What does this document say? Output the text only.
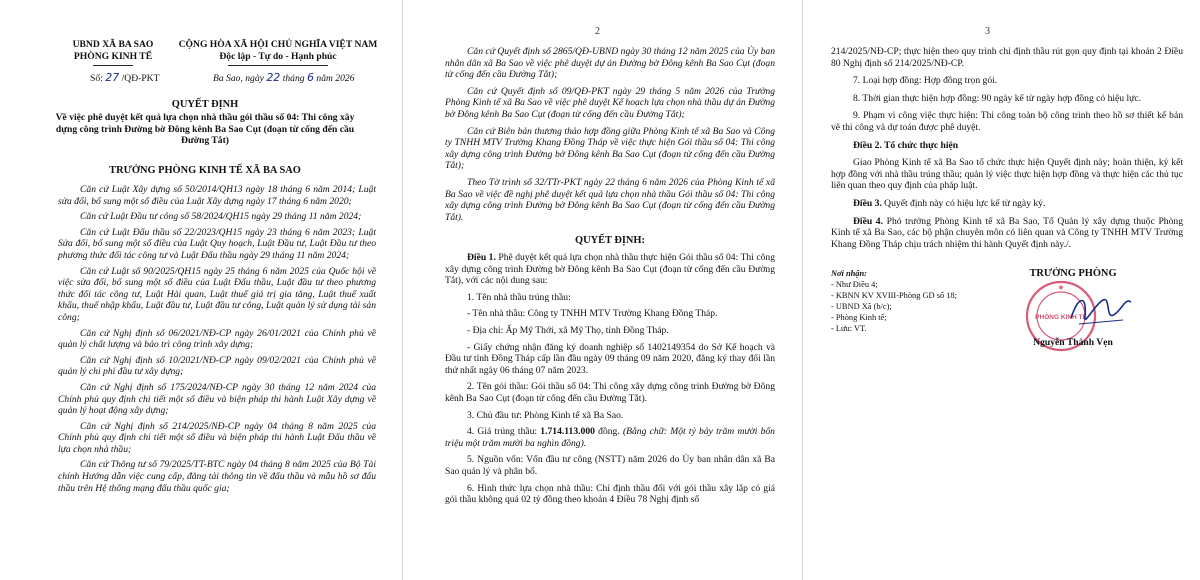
UBND XÃ BA SAO
PHÒNG KINH TẾ
CỘNG HÒA XÃ HỘI CHỦ NGHĨA VIỆT NAM
Độc lập - Tự do - Hạnh phúc
Số: 27 /QĐ-PKT	Ba Sao, ngày 22 tháng 6 năm 2026
QUYẾT ĐỊNH
Về việc phê duyệt kết quả lựa chọn nhà thầu gói thầu số 04: Thi công xây dựng công trình Đường bờ Đông kênh Ba Sao Cụt (đoạn từ cống đến cầu Đường Tắt)
TRƯỞNG PHÒNG KINH TẾ XÃ BA SAO
Căn cứ Luật Xây dựng số 50/2014/QH13 ngày 18 tháng 6 năm 2014; Luật sửa đổi, bổ sung một số điều của Luật Xây dựng ngày 17 tháng 6 năm 2020;
Căn cứ Luật Đầu tư công số 58/2024/QH15 ngày 29 tháng 11 năm 2024;
Căn cứ Luật Đấu thầu số 22/2023/QH15 ngày 23 tháng 6 năm 2023; Luật Sửa đổi, bổ sung một số điều của Luật Quy hoạch, Luật Đầu tư, Luật Đầu tư theo phương thức đối tác công tư và Luật Đấu thầu ngày 29 tháng 11 năm 2024;
Căn cứ Luật số 90/2025/QH15 ngày 25 tháng 6 năm 2025 của Quốc hội về việc sửa đổi, bổ sung một số điều của Luật Đấu thầu, Luật đầu tư theo phương thức đối tác công tư, Luật Hải quan, Luật thuế giá trị gia tăng, Luật thuế xuất khẩu, thuế nhập khẩu, Luật đầu tư, Luật đầu tư công, Luật quản lý sử dụng tài sản công;
Căn cứ Nghị định số 06/2021/NĐ-CP ngày 26/01/2021 của Chính phủ về quản lý chất lượng và bảo trì công trình xây dựng;
Căn cứ Nghị định số 10/2021/NĐ-CP ngày 09/02/2021 của Chính phủ về quản lý chi phí đầu tư xây dựng;
Căn cứ Nghị định số 175/2024/NĐ-CP ngày 30 tháng 12 năm 2024 của Chính phủ quy định chi tiết một số điều và biện pháp thi hành Luật Xây dựng về quản lý hoạt động xây dựng;
Căn cứ Nghị định số 214/2025/NĐ-CP ngày 04 tháng 8 năm 2025 của Chính phủ quy định chi tiết một số điều và biện pháp thi hành Luật Đấu thầu về lựa chọn nhà thầu;
Căn cứ Thông tư số 79/2025/TT-BTC ngày 04 tháng 8 năm 2025 của Bộ Tài chính Hướng dẫn việc cung cấp, đăng tải thông tin về đấu thầu và mẫu hồ sơ đấu thầu trên Hệ thống mạng đấu thầu quốc gia;
2
Căn cứ Quyết định số 2865/QĐ-UBND ngày 30 tháng 12 năm 2025 của Ủy ban nhân dân xã Ba Sao về việc phê duyệt dự án Đường bờ Đông kênh Ba Sao Cụt (đoạn từ cống đến cầu Đường Tắt);
Căn cứ Quyết định số 09/QĐ-PKT ngày 29 tháng 5 năm 2026 của Trưởng Phòng Kinh tế xã Ba Sao về việc phê duyệt Kế hoạch lựa chọn nhà thầu dự án Đường bờ Đông kênh Ba Sao Cụt (đoạn từ cống đến cầu Đường Tắt);
Căn cứ Biên bản thương thảo hợp đồng giữa Phòng Kinh tế xã Ba Sao và Công ty TNHH MTV Trường Khang Đồng Tháp về việc thực hiện Gói thầu số 04: Thi công xây dựng công trình Đường bờ Đông kênh Ba Sao Cụt (đoạn từ cống đến cầu Đường Tắt);
Theo Tờ trình số 32/TTr-PKT ngày 22 tháng 6 năm 2026 của Phòng Kinh tế xã Ba Sao về việc đề nghị phê duyệt kết quả lựa chọn nhà thầu Gói thầu số 04: Thi công xây dựng công trình Đường bờ Đông kênh Ba Sao Cụt (đoạn từ cống đến cầu Đường Tắt).
QUYẾT ĐỊNH:
Điều 1. Phê duyệt kết quả lựa chọn nhà thầu thực hiện Gói thầu số 04: Thi công xây dựng công trình Đường bờ Đông kênh Ba Sao Cụt (đoạn từ cống đến cầu Đường Tắt), với các nội dung sau:
1. Tên nhà thầu trúng thầu:
- Tên nhà thầu: Công ty TNHH MTV Trường Khang Đồng Tháp.
- Địa chỉ: Ấp Mỹ Thới, xã Mỹ Thọ, tỉnh Đồng Tháp.
- Giấy chứng nhận đăng ký doanh nghiệp số 1402149354 do Sở Kế hoạch và Đầu tư tỉnh Đồng Tháp cấp lần đầu ngày 09 tháng 09 năm 2020, đăng ký thay đổi lần thứ nhất ngày 06 tháng 07 năm 2023.
2. Tên gói thầu: Gói thầu số 04: Thi công xây dựng công trình Đường bờ Đông kênh Ba Sao Cụt (đoạn từ cống đến cầu Đường Tắt).
3. Chủ đầu tư: Phòng Kinh tế xã Ba Sao.
4. Giá trúng thầu: 1.714.113.000 đồng. (Bằng chữ: Một tỷ bảy trăm mười bốn triệu một trăm mười ba nghìn đồng).
5. Nguồn vốn: Vốn đầu tư công (NSTT) năm 2026 do Ủy ban nhân dân xã Ba Sao quản lý và phân bổ.
6. Hình thức lựa chọn nhà thầu: Chỉ định thầu đối với gói thầu xây lắp có giá gói thầu không quá 02 tỷ đồng theo khoản 4 Điều 78 Nghị định số
3
214/2025/NĐ-CP; thực hiện theo quy trình chỉ định thầu rút gọn quy định tại khoản 2 Điều 80 Nghị định số 214/2025/NĐ-CP.
7. Loại hợp đồng: Hợp đồng trọn gói.
8. Thời gian thực hiện hợp đồng: 90 ngày kể từ ngày hợp đồng có hiệu lực.
9. Phạm vi công việc thực hiện: Thi công toàn bộ công trình theo hồ sơ thiết kế bản vẽ thi công và dự toán được phê duyệt.
Điều 2. Tổ chức thực hiện
Giao Phòng Kinh tế xã Ba Sao tổ chức thực hiện Quyết định này; hoàn thiện, ký kết hợp đồng với nhà thầu trúng thầu; quản lý việc thực hiện hợp đồng và thực hiện các thủ tục liên quan theo quy định của pháp luật.
Điều 3. Quyết định này có hiệu lực kể từ ngày ký.
Điều 4. Phó trưởng Phòng Kinh tế xã Ba Sao, Tổ Quản lý xây dựng thuộc Phòng Kinh tế xã Ba Sao, các bộ phận chuyên môn có liên quan và Công ty TNHH MTV Trường Khang Đồng Tháp chịu trách nhiệm thi hành Quyết định này./.
Nơi nhận:
- Như Điều 4;
- KBNN KV XVIII-Phòng GD số 18;
- UBND Xã (b/c);
- Phòng Kinh tế;
- Lưu: VT.
TRƯỞNG PHÒNG
PHÒNG KINH TẾ
★
Nguyễn Thành Vẹn
